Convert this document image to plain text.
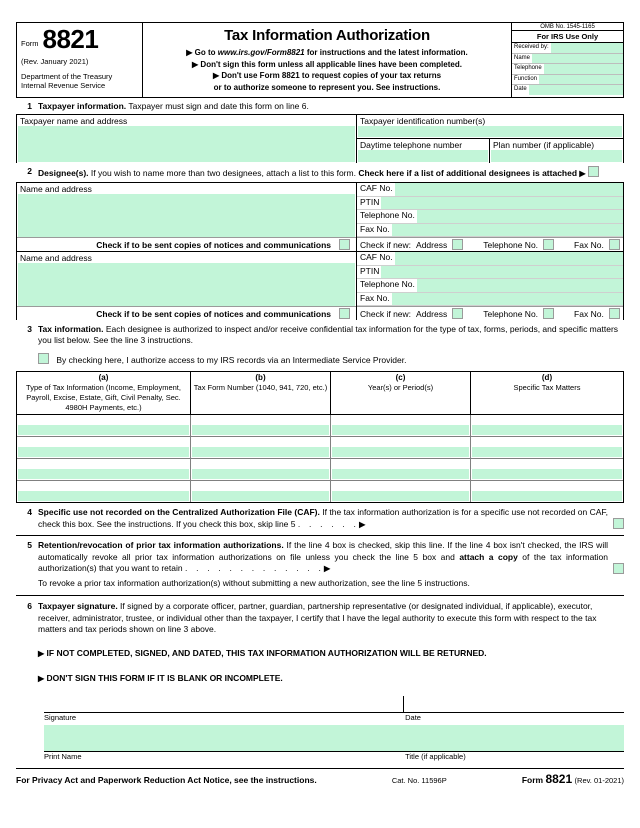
Form 8821
(Rev. January 2021)
Department of the Treasury
Internal Revenue Service
Tax Information Authorization
▶ Go to www.irs.gov/Form8821 for instructions and the latest information.
▶ Don't sign this form unless all applicable lines have been completed.
▶ Don't use Form 8821 to request copies of your tax returns
or to authorize someone to represent you. See instructions.
OMB No. 1545-1165
For IRS Use Only
Received by:
Name
Telephone
Function
Date
1 Taxpayer information. Taxpayer must sign and date this form on line 6.
Taxpayer name and address	Taxpayer identification number(s)
Daytime telephone number	Plan number (if applicable)
2 Designee(s). If you wish to name more than two designees, attach a list to this form. Check here if a list of additional designees is attached ▶
Name and address
Check if to be sent copies of notices and communications
CAF No.
PTIN
Telephone No.
Fax No.
Check if new: Address	Telephone No.	Fax No.
Name and address
Check if to be sent copies of notices and communications
CAF No.
PTIN
Telephone No.
Fax No.
Check if new: Address	Telephone No.	Fax No.
3 Tax information. Each designee is authorized to inspect and/or receive confidential tax information for the type of tax, forms, periods, and specific matters you list below. See the line 3 instructions.
By checking here, I authorize access to my IRS records via an Intermediate Service Provider.
(a)
Type of Tax Information (Income, Employment, Payroll, Excise, Estate, Gift, Civil Penalty, Sec. 4980H Payments, etc.)
(b)
Tax Form Number (1040, 941, 720, etc.)
(c)
Year(s) or Period(s)
(d)
Specific Tax Matters
4 Specific use not recorded on the Centralized Authorization File (CAF). If the tax information authorization is for a specific use not recorded on CAF, check this box. See the instructions. If you check this box, skip line 5 . . . . . .▶
5 Retention/revocation of prior tax information authorizations. If the line 4 box is checked, skip this line. If the line 4 box isn't checked, the IRS will automatically revoke all prior tax information authorizations on file unless you check the line 5 box and attach a copy of the tax information authorization(s) that you want to retain . . . . . . . . . . . . .▶
To revoke a prior tax information authorization(s) without submitting a new authorization, see the line 5 instructions.
6 Taxpayer signature. If signed by a corporate officer, partner, guardian, partnership representative (or designated individual, if applicable), executor, receiver, administrator, trustee, or individual other than the taxpayer, I certify that I have the legal authority to execute this form with respect to the tax matters and tax periods shown on line 3 above.
▶ IF NOT COMPLETED, SIGNED, AND DATED, THIS TAX INFORMATION AUTHORIZATION WILL BE RETURNED.
▶ DON'T SIGN THIS FORM IF IT IS BLANK OR INCOMPLETE.
Signature	Date
Print Name	Title (if applicable)
For Privacy Act and Paperwork Reduction Act Notice, see the instructions.	Cat. No. 11596P	Form 8821 (Rev. 01-2021)
